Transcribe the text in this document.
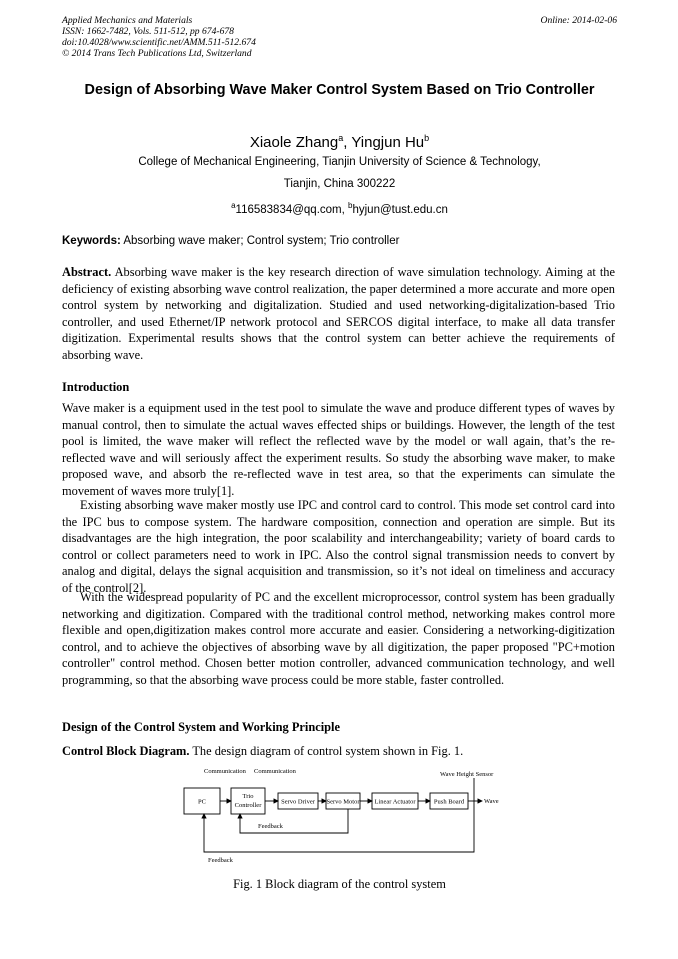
Applied Mechanics and Materials
ISSN: 1662-7482, Vols. 511-512, pp 674-678
doi:10.4028/www.scientific.net/AMM.511-512.674
© 2014 Trans Tech Publications Ltd, Switzerland
Online: 2014-02-06
Design of Absorbing Wave Maker Control System Based on Trio Controller
Xiaole Zhang$^a$, Yingjun Hu$^b$
College of Mechanical Engineering, Tianjin University of Science & Technology,
Tianjin, China 300222
$^a$116583834@qq.com, $^b$hyjun@tust.edu.cn
Keywords: Absorbing wave maker; Control system; Trio controller
Abstract. Absorbing wave maker is the key research direction of wave simulation technology. Aiming at the deficiency of existing absorbing wave control realization, the paper determined a more accurate and more open control system by networking and digitalization. Studied and used networking-digitalization-based Trio controller, and used Ethernet/IP network protocol and SERCOS digital interface, to make all data transfer digitization. Experimental results shows that the control system can better achieve the requirements of absorbing wave.
Introduction
Wave maker is a equipment used in the test pool to simulate the wave and produce different types of waves by manual control, then to simulate the actual waves effected ships or buildings. However, the length of the test pool is limited, the wave maker will reflect the reflected wave by the model or wall again, that’s the re-reflected wave and will seriously affect the experiment results. So study the absorbing wave maker, to make proposed wave, and absorb the re-reflected wave in test area, so that the experiments can simulate the movement of waves more truly[1].
Existing absorbing wave maker mostly use IPC and control card to control. This mode set control card into the IPC bus to compose system. The hardware composition, connection and operation are simple. But its disadvantages are the high integration, the poor scalability and interchangeability; variety of board cards to control or collect parameters need to work in IPC. Also the control signal transmission needs to convert by analog and digital, delays the signal acquisition and transmission, so it’s not ideal on timeliness and accuracy of the control[2].
With the widespread popularity of PC and the excellent microprocessor, control system has been gradually networking and digitization. Compared with the traditional control method, networking makes control more flexible and open,digitization makes control more accurate and easier. Considering a networking-digitization control, and to achieve the objectives of absorbing wave by all digitization, the paper proposed "PC+motion controller" control method. Chosen better motion controller, advanced communication technology, and well programming, so that the absorbing wave process could be more stable, faster controlled.
Design of the Control System and Working Principle
Control Block Diagram. The design diagram of control system shown in Fig. 1.
Communication Communication	Wave Height Sensor
PC
Trio
Controller	Servo Driver Servo Motor Linear Actuator	Push Board	Wave
Feedback
Feedback
Fig. 1 Block diagram of the control system
